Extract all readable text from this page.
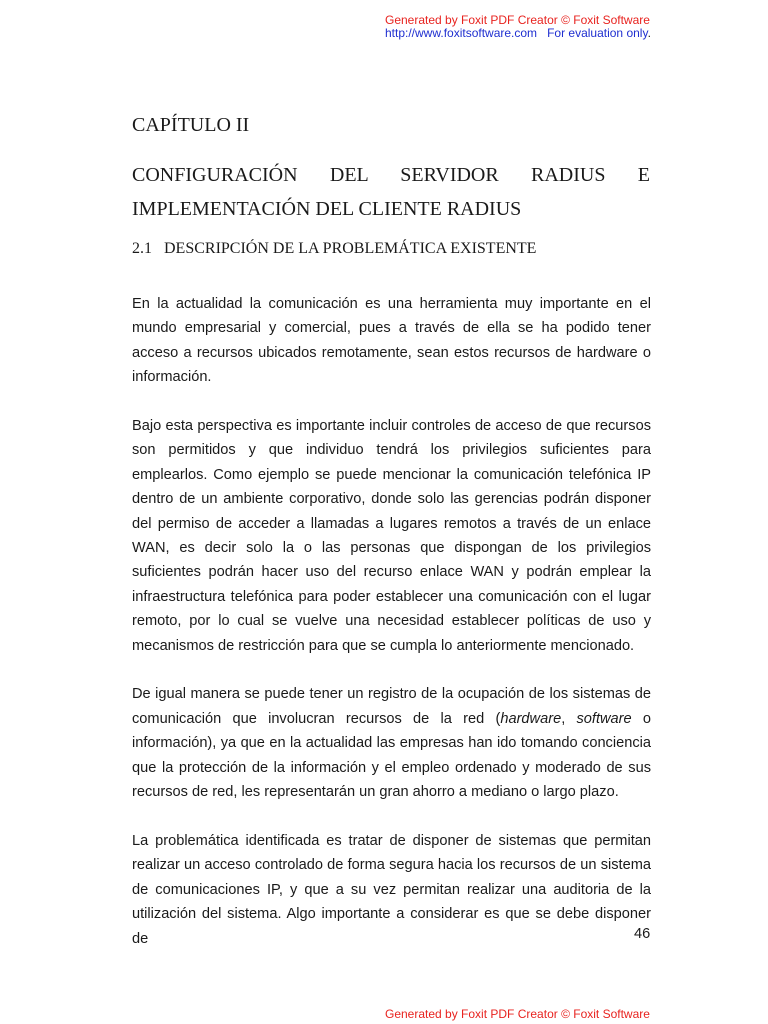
Generated by Foxit PDF Creator © Foxit Software
http://www.foxitsoftware.com For evaluation only.
CAPÍTULO II
CONFIGURACIÓN DEL SERVIDOR RADIUS E
IMPLEMENTACIÓN DEL CLIENTE RADIUS
2.1 DESCRIPCIÓN DE LA PROBLEMÁTICA EXISTENTE

En la actualidad la comunicación es una herramienta muy importante en el mundo empresarial y comercial, pues a través de ella se ha podido tener acceso a recursos ubicados remotamente, sean estos recursos de hardware o información.

Bajo esta perspectiva es importante incluir controles de acceso de que recursos son permitidos y que individuo tendrá los privilegios suficientes para emplearlos. Como ejemplo se puede mencionar la comunicación telefónica IP dentro de un ambiente corporativo, donde solo las gerencias podrán disponer del permiso de acceder a llamadas a lugares remotos a través de un enlace WAN, es decir solo la o las personas que dispongan de los privilegios suficientes podrán hacer uso del recurso enlace WAN y podrán emplear la infraestructura telefónica para poder establecer una comunicación con el lugar remoto, por lo cual se vuelve una necesidad establecer políticas de uso y mecanismos de restricción para que se cumpla lo anteriormente mencionado.

De igual manera se puede tener un registro de la ocupación de los sistemas de comunicación que involucran recursos de la red (hardware, software o información), ya que en la actualidad las empresas han ido tomando conciencia que la protección de la información y el empleo ordenado y moderado de sus recursos de red, les representarán un gran ahorro a mediano o largo plazo.

La problemática identificada es tratar de disponer de sistemas que permitan realizar un acceso controlado de forma segura hacia los recursos de un sistema de comunicaciones IP, y que a su vez permitan realizar una auditoria de la utilización del sistema. Algo importante a considerar es que se debe disponer de	46
Generated by Foxit PDF Creator © Foxit Software
